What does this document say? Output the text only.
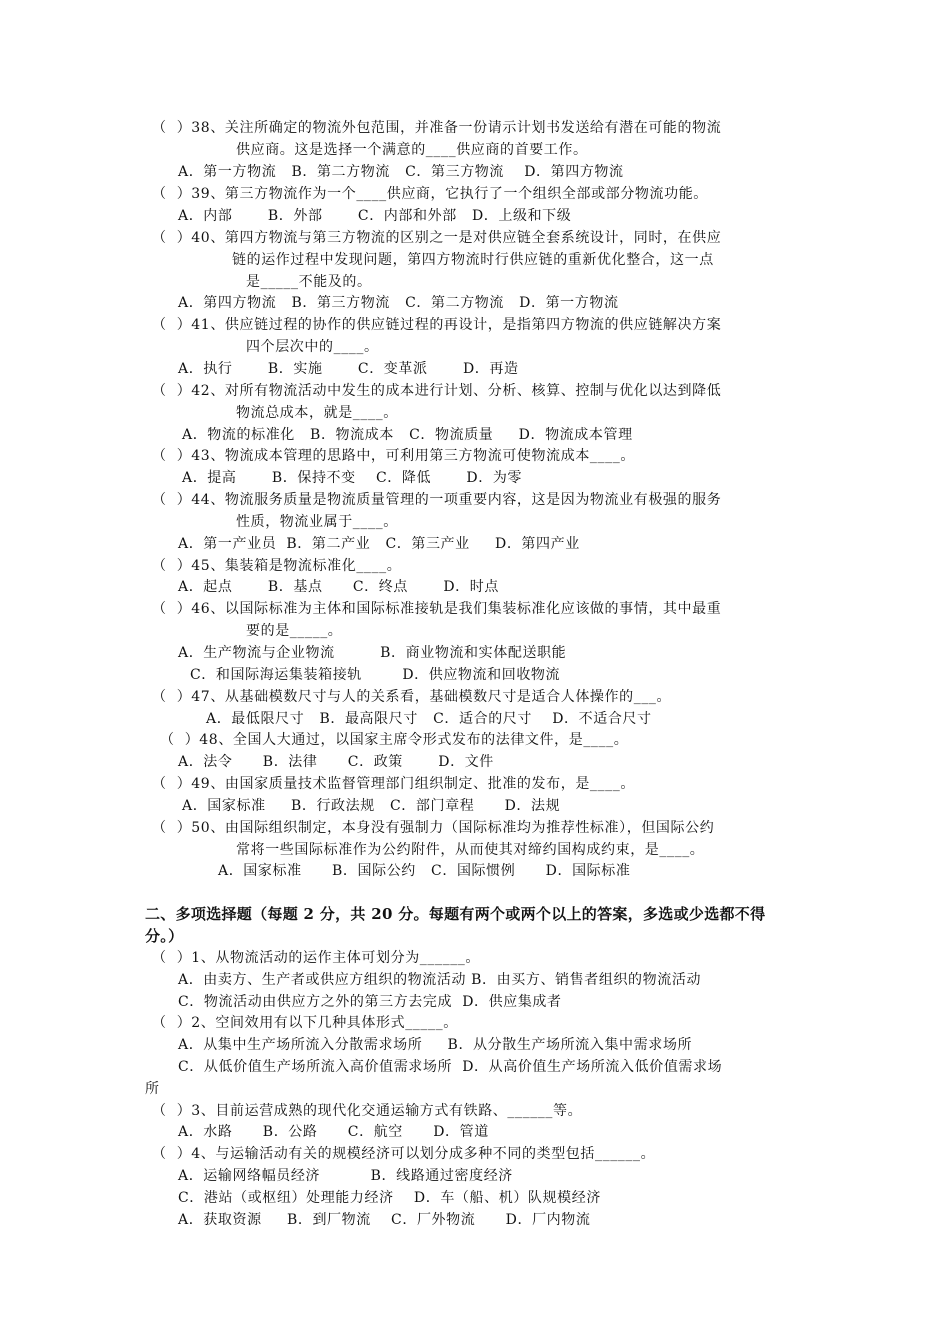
（  ）38、关注所确定的物流外包范围，并准备一份请示计划书发送给有潜在可能的物流
供应商。这是选择一个满意的____供应商的首要工作。
A．第一方物流   B．第二方物流   C．第三方物流    D．第四方物流
（  ）39、第三方物流作为一个____供应商，它执行了一个组织全部或部分物流功能。
A．内部       B．外部       C．内部和外部   D．上级和下级
（  ）40、第四方物流与第三方物流的区别之一是对供应链全套系统设计，同时，在供应
链的运作过程中发现问题，第四方物流时行供应链的重新优化整合，这一点
是_____不能及的。
A．第四方物流   B．第三方物流   C．第二方物流   D．第一方物流
（  ）41、供应链过程的协作的供应链过程的再设计，是指第四方物流的供应链解决方案
四个层次中的____。
A．执行       B．实施       C．变革派       D．再造
（  ）42、对所有物流活动中发生的成本进行计划、分析、核算、控制与优化以达到降低
物流总成本，就是____。
A．物流的标准化   B．物流成本   C．物流质量     D．物流成本管理
（  ）43、物流成本管理的思路中，可利用第三方物流可使物流成本____。
A．提高       B．保持不变    C．降低       D．为零
（  ）44、物流服务质量是物流质量管理的一项重要内容，这是因为物流业有极强的服务
性质，物流业属于____。
A．第一产业员  B．第二产业   C．第三产业     D．第四产业
（  ）45、集装箱是物流标准化____。
A．起点       B．基点      C．终点       D．时点
（  ）46、以国际标准为主体和国际标准接轨是我们集装标准化应该做的事情，其中最重
要的是_____。
A．生产物流与企业物流         B．商业物流和实体配送职能
C．和国际海运集装箱接轨        D．供应物流和回收物流
（  ）47、从基础模数尺寸与人的关系看，基础模数尺寸是适合人体操作的___。
A．最低限尺寸   B．最高限尺寸   C．适合的尺寸    D．不适合尺寸
（  ）48、全国人大通过，以国家主席令形式发布的法律文件，是____。
A．法令      B．法律      C．政策       D．文件
（  ）49、由国家质量技术监督管理部门组织制定、批准的发布，是____。
A．国家标准     B．行政法规   C．部门章程      D．法规
（  ）50、由国际组织制定，本身没有强制力（国际标准均为推荐性标准），但国际公约
常将一些国际标准作为公约附件，从而使其对缔约国构成约束，是____。
A．国家标准      B．国际公约   C．国际惯例      D．国际标准
二、多项选择题（每题 2 分，共 20 分。每题有两个或两个以上的答案，多选或少选都不得
分。）
（  ）1、从物流活动的运作主体可划分为______。
A．由卖方、生产者或供应方组织的物流活动 B．由买方、销售者组织的物流活动
C．物流活动由供应方之外的第三方去完成  D．供应集成者
（  ）2、空间效用有以下几种具体形式_____。
A．从集中生产场所流入分散需求场所     B．从分散生产场所流入集中需求场所
C．从低价值生产场所流入高价值需求场所  D．从高价值生产场所流入低价值需求场
所
（  ）3、目前运营成熟的现代化交通运输方式有铁路、______等。
A．水路      B．公路      C．航空      D．管道
（  ）4、与运输活动有关的规模经济可以划分成多种不同的类型包括______。
A．运输网络幅员经济          B．线路通过密度经济
C．港站（或枢纽）处理能力经济    D．车（船、机）队规模经济
A．获取资源     B．到厂物流    C．厂外物流      D．厂内物流
